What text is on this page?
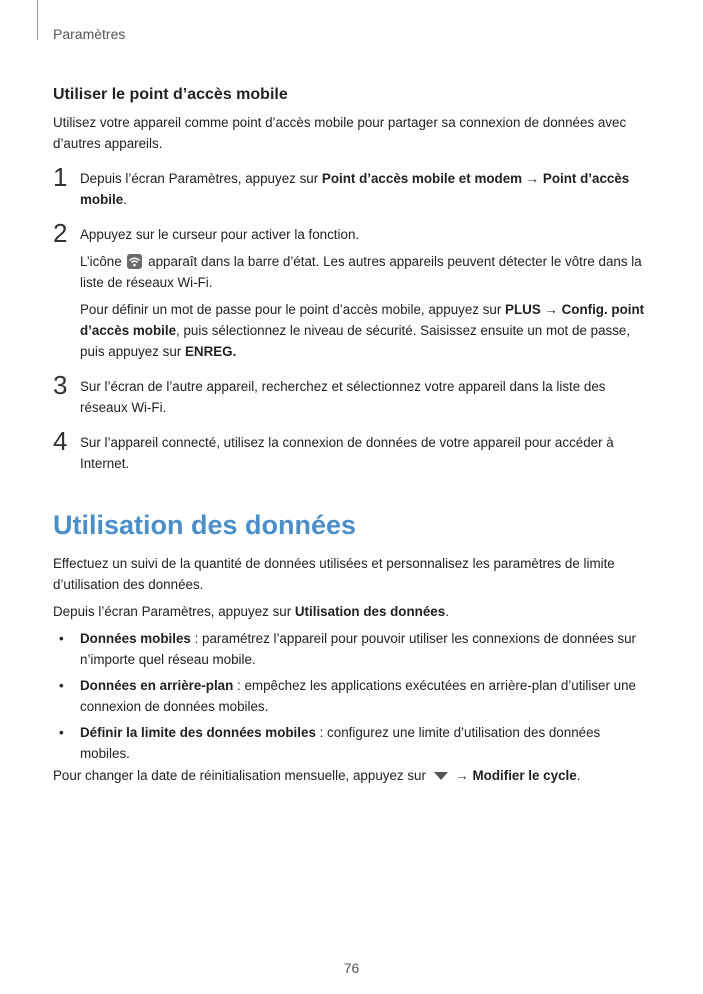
Paramètres
Utiliser le point d’accès mobile

Utilisez votre appareil comme point d’accès mobile pour partager sa connexion de données avec d’autres appareils.

1 Depuis l’écran Paramètres, appuyez sur Point d’accès mobile et modem → Point d’accès mobile.

2 Appuyez sur le curseur pour activer la fonction.

L’icône
apparaît dans la barre d’état. Les autres appareils peuvent détecter le vôtre dans la liste de réseaux Wi-Fi.

Pour définir un mot de passe pour le point d’accès mobile, appuyez sur PLUS → Config. point d’accès mobile, puis sélectionnez le niveau de sécurité. Saisissez ensuite un mot de passe, puis appuyez sur ENREG.

3 Sur l’écran de l’autre appareil, recherchez et sélectionnez votre appareil dans la liste des réseaux Wi-Fi.

4 Sur l’appareil connecté, utilisez la connexion de données de votre appareil pour accéder à Internet.

Utilisation des données

Effectuez un suivi de la quantité de données utilisées et personnalisez les paramètres de limite d’utilisation des données.

Depuis l’écran Paramètres, appuyez sur Utilisation des données.

• Données mobiles : paramétrez l’appareil pour pouvoir utiliser les connexions de données sur n’importe quel réseau mobile.
• Données en arrière-plan : empêchez les applications exécutées en arrière-plan d’utiliser une connexion de données mobiles.
• Définir la limite des données mobiles : configurez une limite d’utilisation des données mobiles.

Pour changer la date de réinitialisation mensuelle, appuyez sur  → Modifier le cycle.

76
